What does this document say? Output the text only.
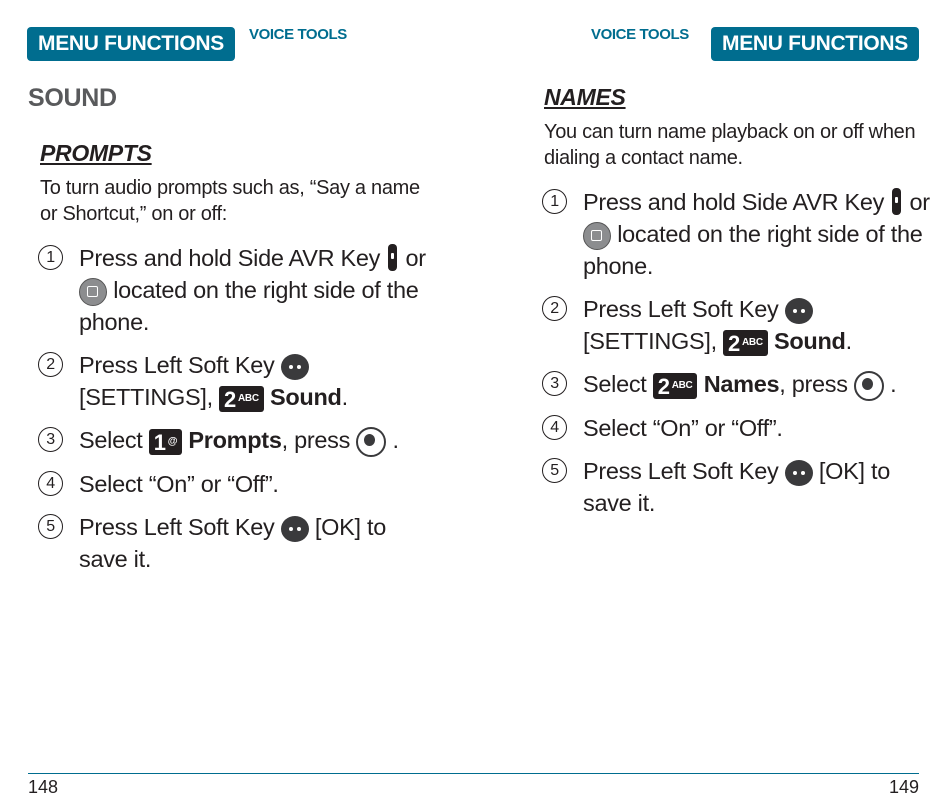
MENU FUNCTIONS	VOICE TOOLS
SOUND
PROMPTS
To turn audio prompts such as, “Say a name or Shortcut,” on or off:
1	Press and hold Side AVR Key or
located on the right side of the phone.
2	Press Left Soft Key
[SETTINGS], 2 $^{ABC}$ Sound.
3	Select 1 @ Prompts, press .
4	Select “On” or “Off”.
5	Press Left Soft Key [OK] to save it.
148
VOICE TOOLS	MENU FUNCTIONS
NAMES
You can turn name playback on or off when dialing a contact name.
1	Press and hold Side AVR Key or
located on the right side of the phone.
2	Press Left Soft Key
[SETTINGS], 2 $^{ABC}$ Sound.
3	Select 2 $^{ABC}$ Names, press .
4	Select “On” or “Off”.
5	Press Left Soft Key [OK] to save it.
149
